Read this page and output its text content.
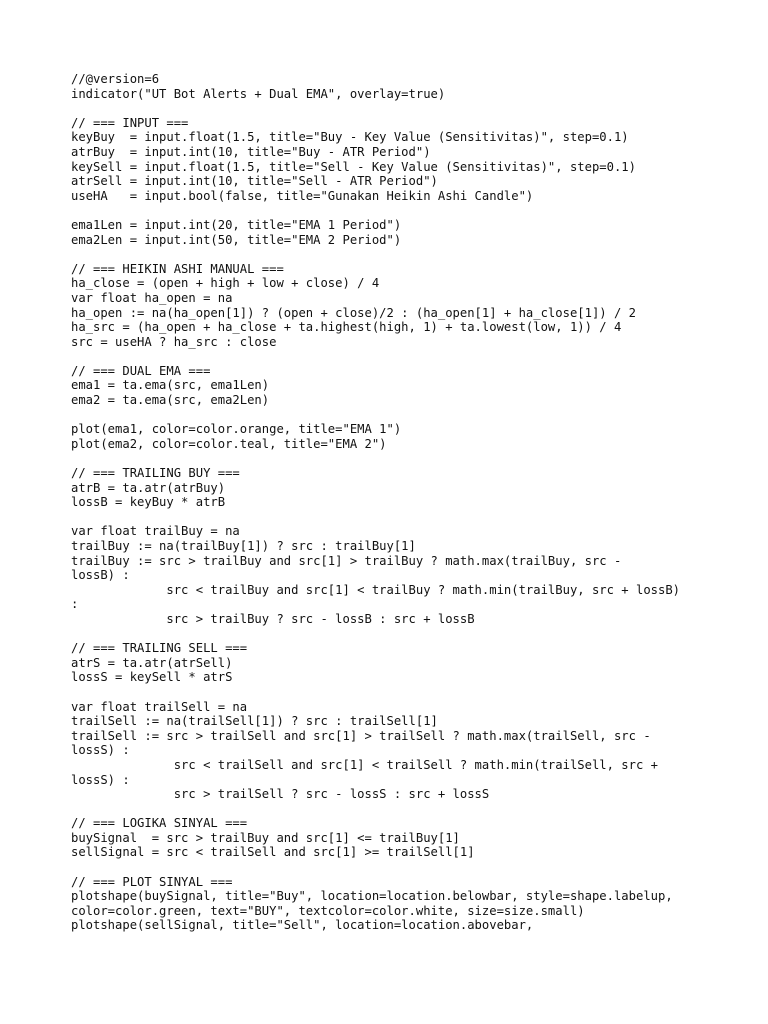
//@version=6
indicator("UT Bot Alerts + Dual EMA", overlay=true)
// === INPUT ===
keyBuy  = input.float(1.5, title="Buy - Key Value (Sensitivitas)", step=0.1)
atrBuy  = input.int(10, title="Buy - ATR Period")
keySell = input.float(1.5, title="Sell - Key Value (Sensitivitas)", step=0.1)
atrSell = input.int(10, title="Sell - ATR Period")
useHA   = input.bool(false, title="Gunakan Heikin Ashi Candle")
ema1Len = input.int(20, title="EMA 1 Period")
ema2Len = input.int(50, title="EMA 2 Period")
// === HEIKIN ASHI MANUAL ===
ha_close = (open + high + low + close) / 4
var float ha_open = na
ha_open := na(ha_open[1]) ? (open + close)/2 : (ha_open[1] + ha_close[1]) / 2
ha_src = (ha_open + ha_close + ta.highest(high, 1) + ta.lowest(low, 1)) / 4
src = useHA ? ha_src : close
// === DUAL EMA ===
ema1 = ta.ema(src, ema1Len)
ema2 = ta.ema(src, ema2Len)
plot(ema1, color=color.orange, title="EMA 1")
plot(ema2, color=color.teal, title="EMA 2")
// === TRAILING BUY ===
atrB = ta.atr(atrBuy)
lossB = keyBuy * atrB
var float trailBuy = na
trailBuy := na(trailBuy[1]) ? src : trailBuy[1]
trailBuy := src > trailBuy and src[1] > trailBuy ? math.max(trailBuy, src -
lossB) :
src < trailBuy and src[1] < trailBuy ? math.min(trailBuy, src + lossB)
:
src > trailBuy ? src - lossB : src + lossB
// === TRAILING SELL ===
atrS = ta.atr(atrSell)
lossS = keySell * atrS
var float trailSell = na
trailSell := na(trailSell[1]) ? src : trailSell[1]
trailSell := src > trailSell and src[1] > trailSell ? math.max(trailSell, src -
lossS) :
src < trailSell and src[1] < trailSell ? math.min(trailSell, src +
lossS) :
src > trailSell ? src - lossS : src + lossS
// === LOGIKA SINYAL ===
buySignal  = src > trailBuy and src[1] <= trailBuy[1]
sellSignal = src < trailSell and src[1] >= trailSell[1]
// === PLOT SINYAL ===
plotshape(buySignal, title="Buy", location=location.belowbar, style=shape.labelup,
color=color.green, text="BUY", textcolor=color.white, size=size.small)
plotshape(sellSignal, title="Sell", location=location.abovebar,
